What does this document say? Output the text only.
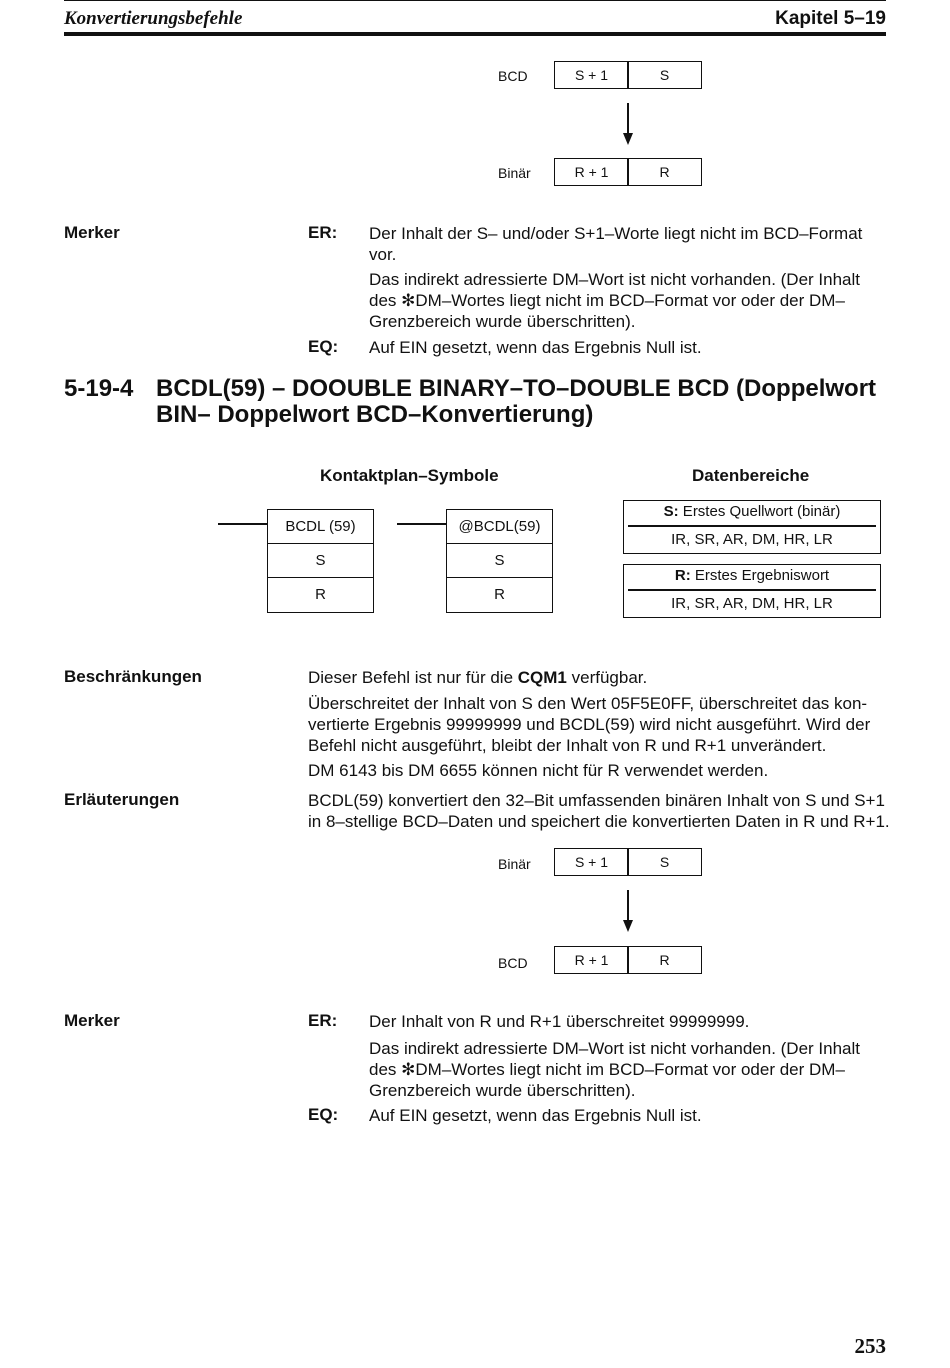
Konvertierungsbefehle	Kapitel 5–19
BCD	S + 1	S
Binär	R + 1	R
Merker	ER: Der Inhalt der S– und/oder S+1–Worte liegt nicht im BCD–Format
vor.
Das indirekt adressierte DM–Wort ist nicht vorhanden. (Der Inhalt
des ✻DM–Wortes liegt nicht im BCD–Format vor oder der DM–
Grenzbereich wurde überschritten).
EQ: Auf EIN gesetzt, wenn das Ergebnis Null ist.
5-19-4 BCDL(59) – DOOUBLE BINARY–TO–DOUBLE BCD (Doppelwort
BIN– Doppelwort BCD–Konvertierung)
Kontaktplan–Symbole
BCDL (59)
S
R
@BCDL(59)
S
R
Datenbereiche
S: Erstes Quellwort (binär)
IR, SR, AR, DM, HR, LR
R: Erstes Ergebniswort
IR, SR, AR, DM, HR, LR
Beschränkungen	Dieser Befehl ist nur für die CQM1 verfügbar.
Überschreitet der Inhalt von S den Wert 05F5E0FF, überschreitet das kon-
vertierte Ergebnis 99999999 und BCDL(59) wird nicht ausgeführt. Wird der
Befehl nicht ausgeführt, bleibt der Inhalt von R und R+1 unverändert.
DM 6143 bis DM 6655 können nicht für R verwendet werden.
Erläuterungen	BCDL(59) konvertiert den 32–Bit umfassenden binären Inhalt von S und S+1
in 8–stellige BCD–Daten und speichert die konvertierten Daten in R und R+1.
Binär	S + 1	S
BCD	R + 1	R
Merker	ER: Der Inhalt von R und R+1 überschreitet 99999999.
Das indirekt adressierte DM–Wort ist nicht vorhanden. (Der Inhalt
des ✻DM–Wortes liegt nicht im BCD–Format vor oder der DM–
Grenzbereich wurde überschritten).
EQ: Auf EIN gesetzt, wenn das Ergebnis Null ist.
253
